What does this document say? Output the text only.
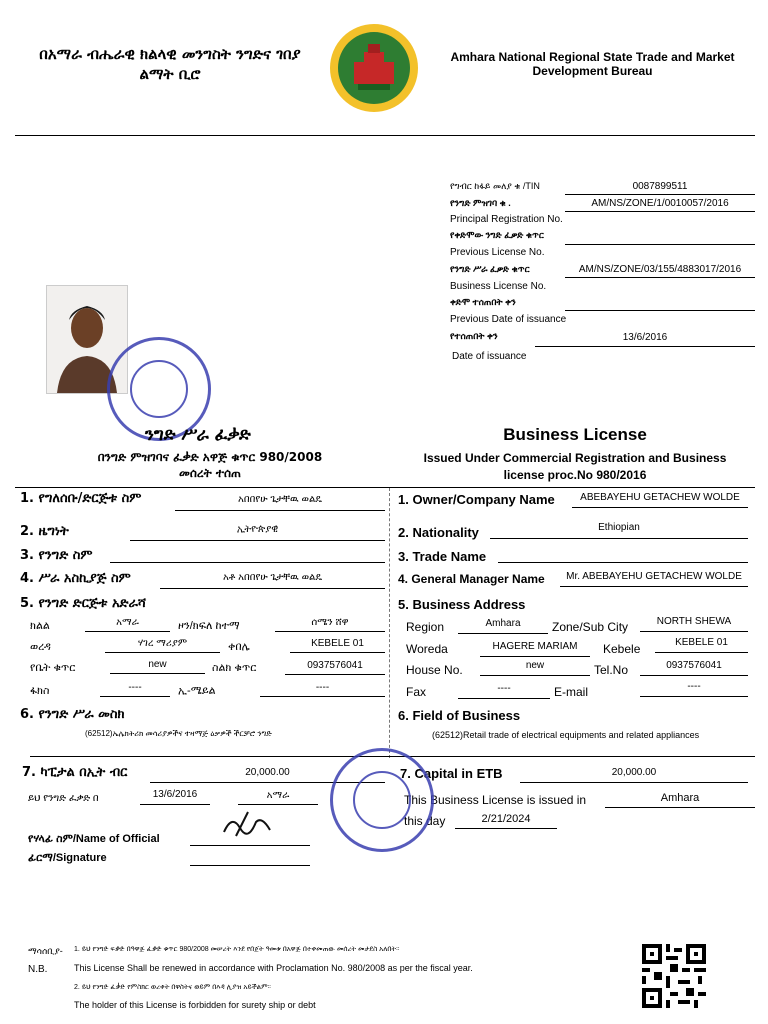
በአማራ ብሔራዊ ክልላዊ መንግስት ንግድና ገበያ ልማት ቢሮ
Amhara National Regional State Trade and Market Development Bureau
የግብር ከፋይ መለያ ቁ /TIN	0087899511
የንግድ ምዝገባ ቁ .	AM/NS/ZONE/1/0010057/2016
Principal Registration No.
የቀድሞው ንግድ ፈቃድ ቁጥር
Previous License No.
የንግድ ሥራ ፈቃድ ቁጥር	AM/NS/ZONE/03/155/4883017/2016
Business License No.
ቀድሞ ተሰጠበት ቀን
Previous Date of issuance
የተሰጠበት ቀን	13/6/2016
Date of issuance
ንግድ ሥራ ፈቃድ
በንግድ ምዝገባና ፈቃድ አዋጅ ቁጥር 980/2008
መሰረት ተሰጠ
Business License
Issued Under Commercial Registration and Business
license proc.No 980/2016
1. የግለሰቡ/ድርጅቱ ስም	አበበየሁ ጌታቸዉ ወልዴ
2. ዜግነት	ኢትዮጵያዊ
3. የንግድ ስም
4. ሥራ አስኪያጅ ስም	አቶ አበበየሁ ጌታቸዉ ወልዴ
5. የንግድ ድርጅቱ አድራሻ
ክልል	አማራ	ዞን/ክፍለ ከተማ	ሰሜን ሸዋ
ወረዳ	ሃገረ ማሪያም	ቀበሌ	KEBELE 01
የቤት ቁጥር	new	ስልክ ቁጥር	0937576041
ፋክስ	----	ኢ-ሜይል	----
6. የንግድ ሥራ መስክ
(62512)ኤሌክትሪክ መሳሪያዎችና ተዛማጅ ዕቃዎች ችርቻሮ ንግድ
7. ካፒታል በኢት ብር	20,000.00
ይህ የንግድ ፈቃድ በ	13/6/2016	አማራ
የሃላፊ ስም/Name of Official
ፊርማ/Signature
1. Owner/Company Name	ABEBAYEHU GETACHEW WOLDE
2. Nationality	Ethiopian
3. Trade Name
4. General Manager Name	Mr. ABEBAYEHU GETACHEW WOLDE
5. Business Address
Region	Amhara	Zone/Sub City	NORTH SHEWA
Woreda	HAGERE MARIAM	Kebele	KEBELE 01
House No.	new	Tel.No	0937576041
Fax	----	E-mail	----
6. Field of Business
(62512)Retail trade of electrical equipments and related appliances
7. Capital in ETB	20,000.00
This Business License is issued in	Amhara
this day	2/21/2024
ማሳሰቢያ-
N.B.
1. ይህ የንግድ ፍቃድ በዓዋጅ ፈቃድ ቁጥር 980/2008 መሠረት እንደ የበጀት ዓመቱ በአዋጅ በተቀመጠው መሰረት መታደስ አለበት።
This License Shall be renewed in accordance with Proclamation No. 980/2008 as per the fiscal year.
2. ይህ የንግድ ፈቃድ የምስክር ወረቀት በዋስትና ወይም በእዳ ሊያዝ አይችልም።
The holder of this License is forbidden for surety ship or debt
